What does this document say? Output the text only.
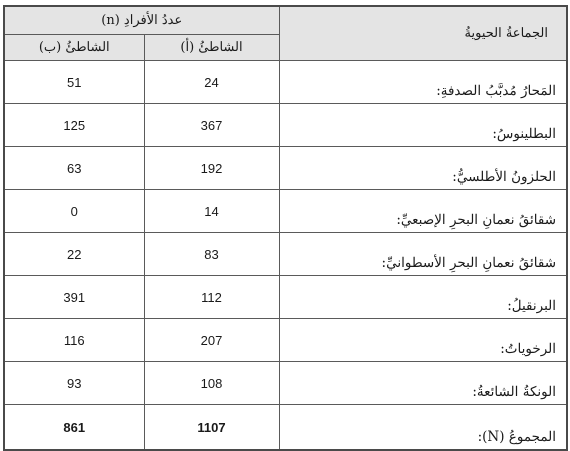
الجماعةُ الحيويةُ	عددُ الأفرادِ (n)	
	الشاطئُ (أ)	الشاطئُ (ب)
المَحارُ مُدبَّبُ الصدفةِ:	24	51
البطلينوسُ:	367	125
الحلزونُ الأطلسيُّ:	192	63
شقائقُ نعمانِ البحرِ الإصبعيِّ:	14	0
شقائقُ نعمانِ البحرِ الأسطوانيِّ:	83	22
البرنقيلُ:	112	391
الرخوياتُ:	207	116
الونكةُ الشائعةُ:	108	93
المجموعُ (N):	1107	861
